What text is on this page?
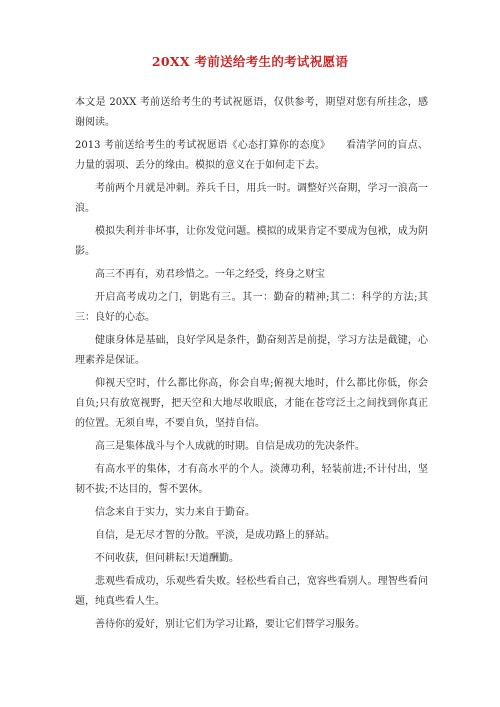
20XX 考前送给考生的考试祝愿语

本文是 20XX 考前送给考生的考试祝愿语，仅供参考，期望对您有所挂念，感谢阅读。

2013 考前送给考生的考试祝愿语《心态打算你的态度》　　看清学问的盲点、力量的弱项、丢分的缘由。模拟的意义在于如何走下去。

考前两个月就是冲刺。养兵千日，用兵一时。调整好兴奋期，学习一浪高一浪。

模拟失利并非坏事，让你发觉问题。模拟的成果肯定不要成为包袱，成为阴影。

高三不再有，劝君珍惜之。一年之经受，终身之财宝

开启高考成功之门，钥匙有三。其一：勤奋的精神;其二：科学的方法;其三：良好的心态。

健康身体是基础，良好学风是条件，勤奋刻苦是前提，学习方法是截键，心理素养是保证。

仰视天空时，什么都比你高，你会自卑;俯视大地时，什么都比你低，你会自负;只有放宽视野，把天空和大地尽收眼底，才能在苍穹泛土之间找到你真正的位置。无须自卑，不要自负，坚持自信。

高三是集体战斗与个人成就的时期。自信是成功的先决条件。

有高水平的集体，才有高水平的个人。淡薄功利，轻装前进;不计付出，坚韧不拔;不达目的，誓不罢休。

信念来自于实力，实力来自于勤奋。

自信，是无尽才智的分散。平淡，是成功路上的驿站。

不问收获，但问耕耘!天道酬勤。

悲观些看成功，乐观些看失败。轻松些看自己，宽容些看别人。理智些看问题，纯真些看人生。

善待你的爱好，别让它们为学习让路，要让它们替学习服务。
